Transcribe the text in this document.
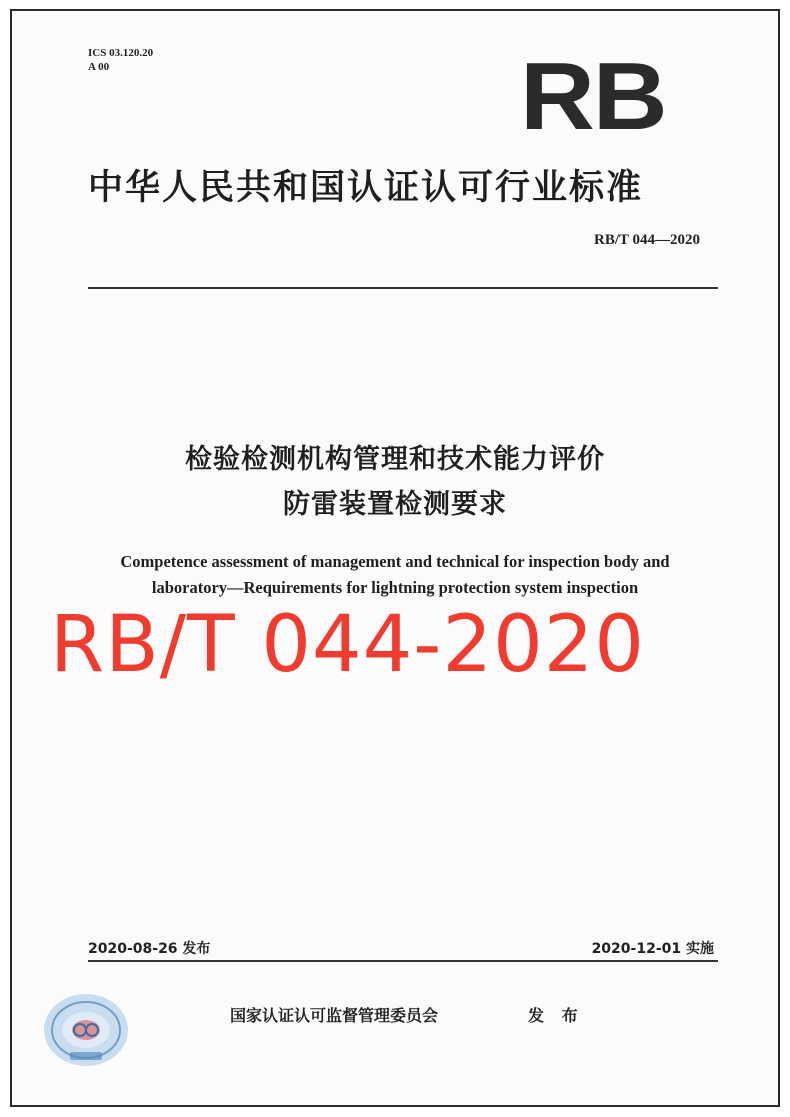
ICS 03.120.20
A 00	RB
中华人民共和国认证认可行业标准
RB/T 044—2020
检验检测机构管理和技术能力评价
防雷装置检测要求
Competence assessment of management and technical for inspection body and
laboratory—Requirements for lightning protection system inspection
RB/T 044-2020
2020-08-26 发布	2020-12-01 实施
国家认证认可监督管理委员会	发 布
